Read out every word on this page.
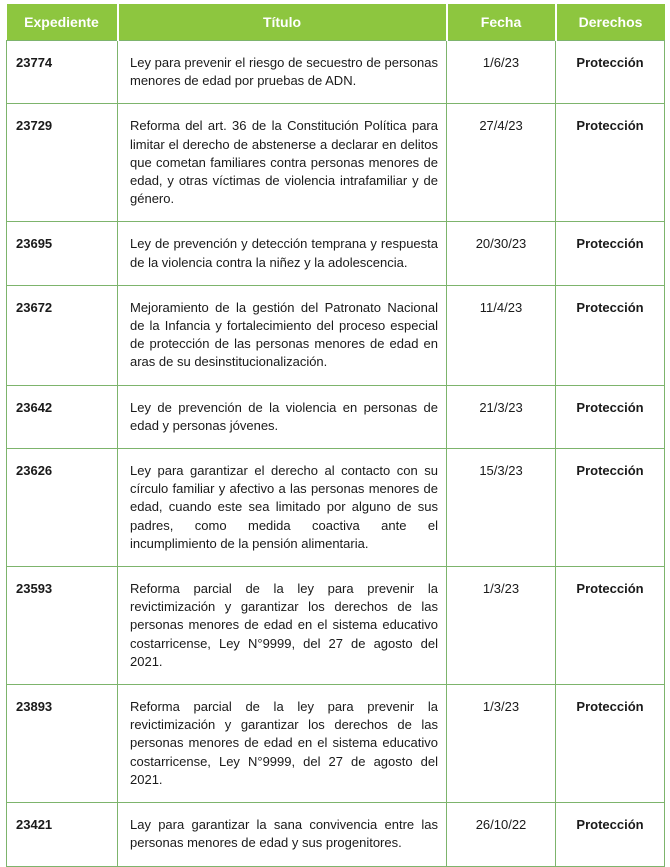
Expediente	Título	Fecha	Derechos
23774	Ley para prevenir el riesgo de secuestro de personas menores de edad por pruebas de ADN.	1/6/23	Protección
23729	Reforma del art. 36 de la Constitución Política para limitar el derecho de abstenerse a declarar en delitos que cometan familiares contra personas menores de edad, y otras víctimas de violencia intrafamiliar y de género.	27/4/23	Protección
23695	Ley de prevención y detección temprana y respuesta de la violencia contra la niñez y la adolescencia.	20/30/23	Protección
23672	Mejoramiento de la gestión del Patronato Nacional de la Infancia y fortalecimiento del proceso especial de protección de las personas menores de edad en aras de su desinstitucionalización.	11/4/23	Protección
23642	Ley de prevención de la violencia en personas de edad y personas jóvenes.	21/3/23	Protección
23626	Ley para garantizar el derecho al contacto con su círculo familiar y afectivo a las personas menores de edad, cuando este sea limitado por alguno de sus padres, como medida coactiva ante el incumplimiento de la pensión alimentaria.	15/3/23	Protección
23593	Reforma parcial de la ley para prevenir la revictimización y garantizar los derechos de las personas menores de edad en el sistema educativo costarricense, Ley N°9999, del 27 de agosto del 2021.	1/3/23	Protección
23893	Reforma parcial de la ley para prevenir la revictimización y garantizar los derechos de las personas menores de edad en el sistema educativo costarricense, Ley N°9999, del 27 de agosto del 2021.	1/3/23	Protección
23421	Lay para garantizar la sana convivencia entre las personas menores de edad y sus progenitores.	26/10/22	Protección
